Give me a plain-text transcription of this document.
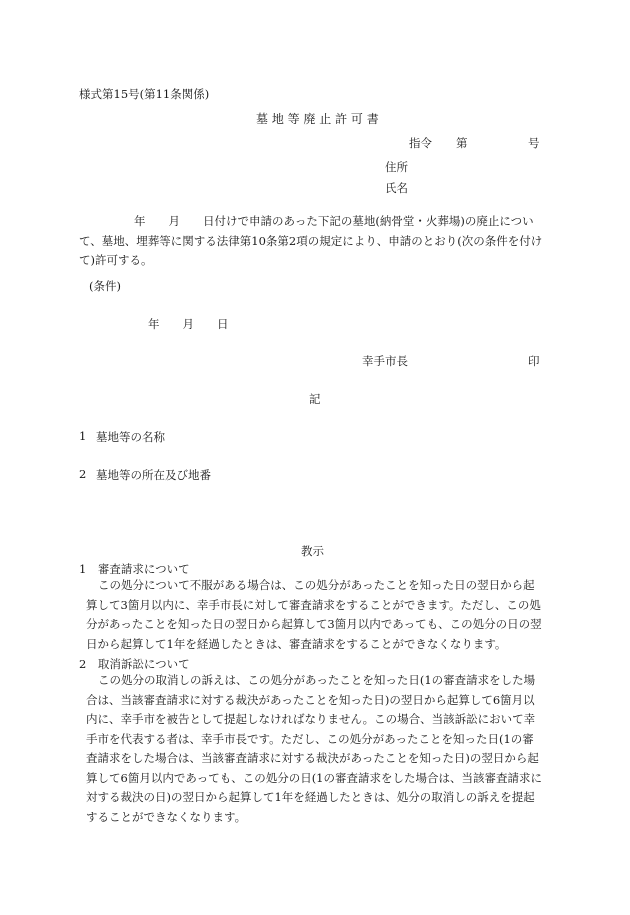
様式第15号(第11条関係)
墓 地 等 廃 止 許 可 書
指令 第	号
住所
氏名
年　　月　　日付けで申請のあった下記の墓地(納骨堂・火葬場)の廃止につい
て、墓地、埋葬等に関する法律第10条第2項の規定により、申請のとおり(次の条件を付け
て)許可する。
(条件)
年　　月　　日
幸手市長	印
記
1 墓地等の名称
2 墓地等の所在及び地番
教示
1　審査請求について
この処分について不服がある場合は、この処分があったことを知った日の翌日から起
算して3箇月以内に、幸手市長に対して審査請求をすることができます。ただし、この処
分があったことを知った日の翌日から起算して3箇月以内であっても、この処分の日の翌
日から起算して1年を経過したときは、審査請求をすることができなくなります。
2　取消訴訟について
この処分の取消しの訴えは、この処分があったことを知った日(1の審査請求をした場
合は、当該審査請求に対する裁決があったことを知った日)の翌日から起算して6箇月以
内に、幸手市を被告として提起しなければなりません。この場合、当該訴訟において幸
手市を代表する者は、幸手市長です。ただし、この処分があったことを知った日(1の審
査請求をした場合は、当該審査請求に対する裁決があったことを知った日)の翌日から起
算して6箇月以内であっても、この処分の日(1の審査請求をした場合は、当該審査請求に
対する裁決の日)の翌日から起算して1年を経過したときは、処分の取消しの訴えを提起
することができなくなります。
